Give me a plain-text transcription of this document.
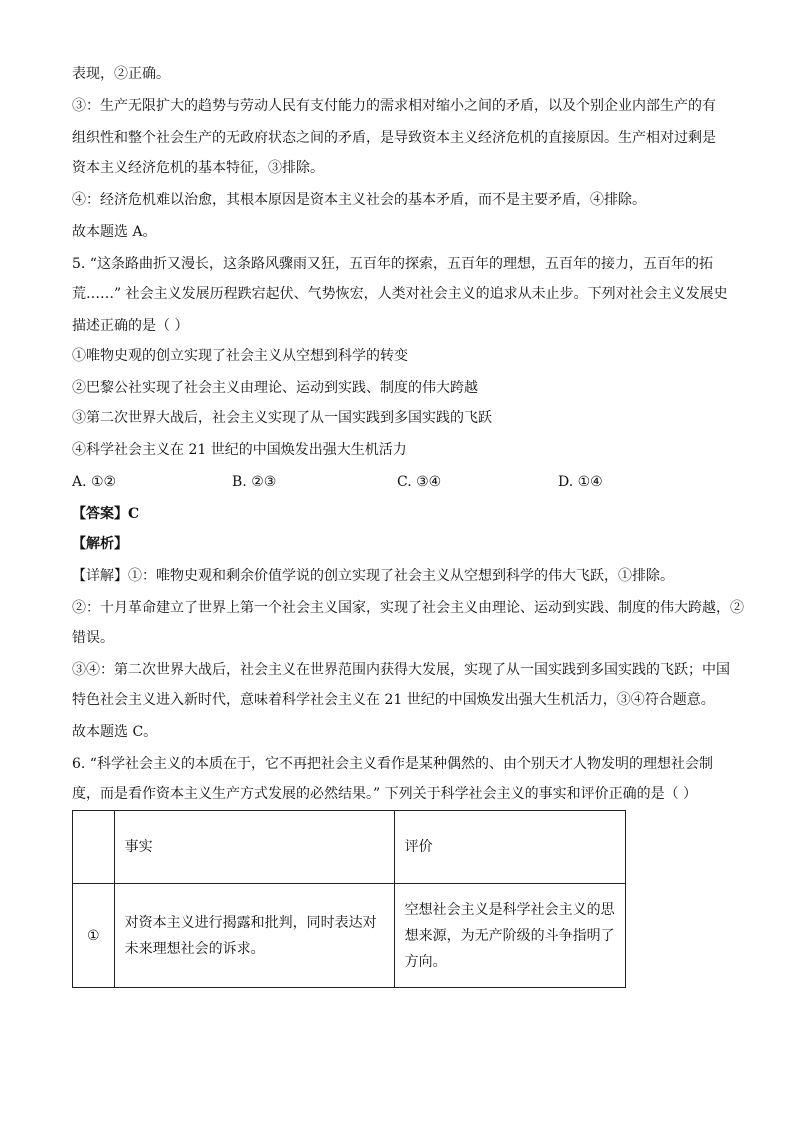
表现，②正确。
③：生产无限扩大的趋势与劳动人民有支付能力的需求相对缩小之间的矛盾，以及个别企业内部生产的有
组织性和整个社会生产的无政府状态之间的矛盾，是导致资本主义经济危机的直接原因。生产相对过剩是
资本主义经济危机的基本特征，③排除。
④：经济危机难以治愈，其根本原因是资本主义社会的基本矛盾，而不是主要矛盾，④排除。
故本题选 A。
5. “这条路曲折又漫长，这条路风骤雨又狂，五百年的探索，五百年的理想，五百年的接力，五百年的拓
荒……” 社会主义发展历程跌宕起伏、气势恢宏，人类对社会主义的追求从未止步。下列对社会主义发展史
描述正确的是（ ）
①唯物史观的创立实现了社会主义从空想到科学的转变
②巴黎公社实现了社会主义由理论、运动到实践、制度的伟大跨越
③第二次世界大战后，社会主义实现了从一国实践到多国实践的飞跃
④科学社会主义在 21 世纪的中国焕发出强大生机活力
A. ①②	B. ②③	C. ③④	D. ①④
【答案】C
【解析】
【详解】①：唯物史观和剩余价值学说的创立实现了社会主义从空想到科学的伟大飞跃，①排除。
②：十月革命建立了世界上第一个社会主义国家，实现了社会主义由理论、运动到实践、制度的伟大跨越，②
错误。
③④：第二次世界大战后，社会主义在世界范围内获得大发展，实现了从一国实践到多国实践的飞跃；中国
特色社会主义进入新时代，意味着科学社会主义在 21 世纪的中国焕发出强大生机活力，③④符合题意。
故本题选 C。
6. “科学社会主义的本质在于，它不再把社会主义看作是某种偶然的、由个别天才人物发明的理想社会制
度，而是看作资本主义生产方式发展的必然结果。” 下列关于科学社会主义的事实和评价正确的是（ ）
	事实	评价
①	对资本主义进行揭露和批判，同时表达对未来理想社会的诉求。	空想社会主义是科学社会主义的思想来源，为无产阶级的斗争指明了方向。
